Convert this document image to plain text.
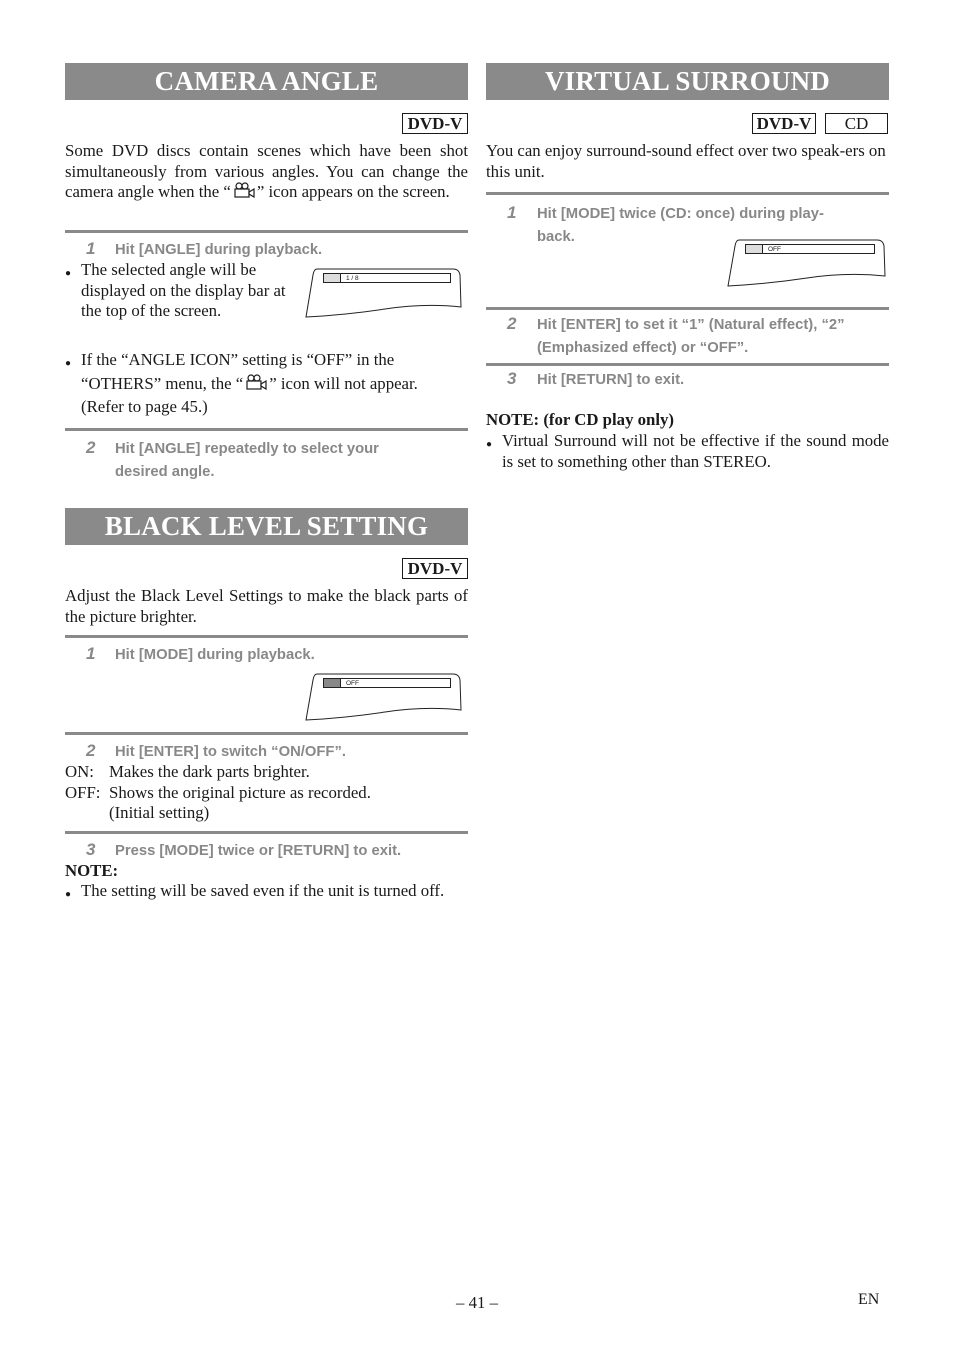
CAMERA ANGLE
DVD-V
Some DVD discs contain scenes which have been shot simultaneously from various angles. You can change the camera angle when the “ ” icon appears on the screen.
1 Hit [ANGLE] during playback.
● The selected angle will be displayed on the display bar at the top of the screen.
1 / 8
● If the “ANGLE ICON” setting is “OFF” in the
“OTHERS” menu, the “ ” icon will not appear.
(Refer to page 45.)
2 Hit [ANGLE] repeatedly to select your
desired angle.
BLACK LEVEL SETTING
DVD-V
Adjust the Black Level Settings to make the black parts of the picture brighter.
1 Hit [MODE] during playback.
OFF
2 Hit [ENTER] to switch “ON/OFF”.
ON: Makes the dark parts brighter.
OFF: Shows the original picture as recorded.
(Initial setting)
3 Press [MODE] twice or [RETURN] to exit.
NOTE:
● The setting will be saved even if the unit is turned off.
VIRTUAL SURROUND
DVD-V	CD
You can enjoy surround-sound effect over two speak-ers on this unit.
1 Hit [MODE] twice (CD: once) during play-
back.
OFF
2 Hit [ENTER] to set it “1” (Natural effect), “2”
(Emphasized effect) or “OFF”.
3 Hit [RETURN] to exit.
NOTE: (for CD play only)
● Virtual Surround will not be effective if the sound mode is set to something other than STEREO.
– 41 –	EN
